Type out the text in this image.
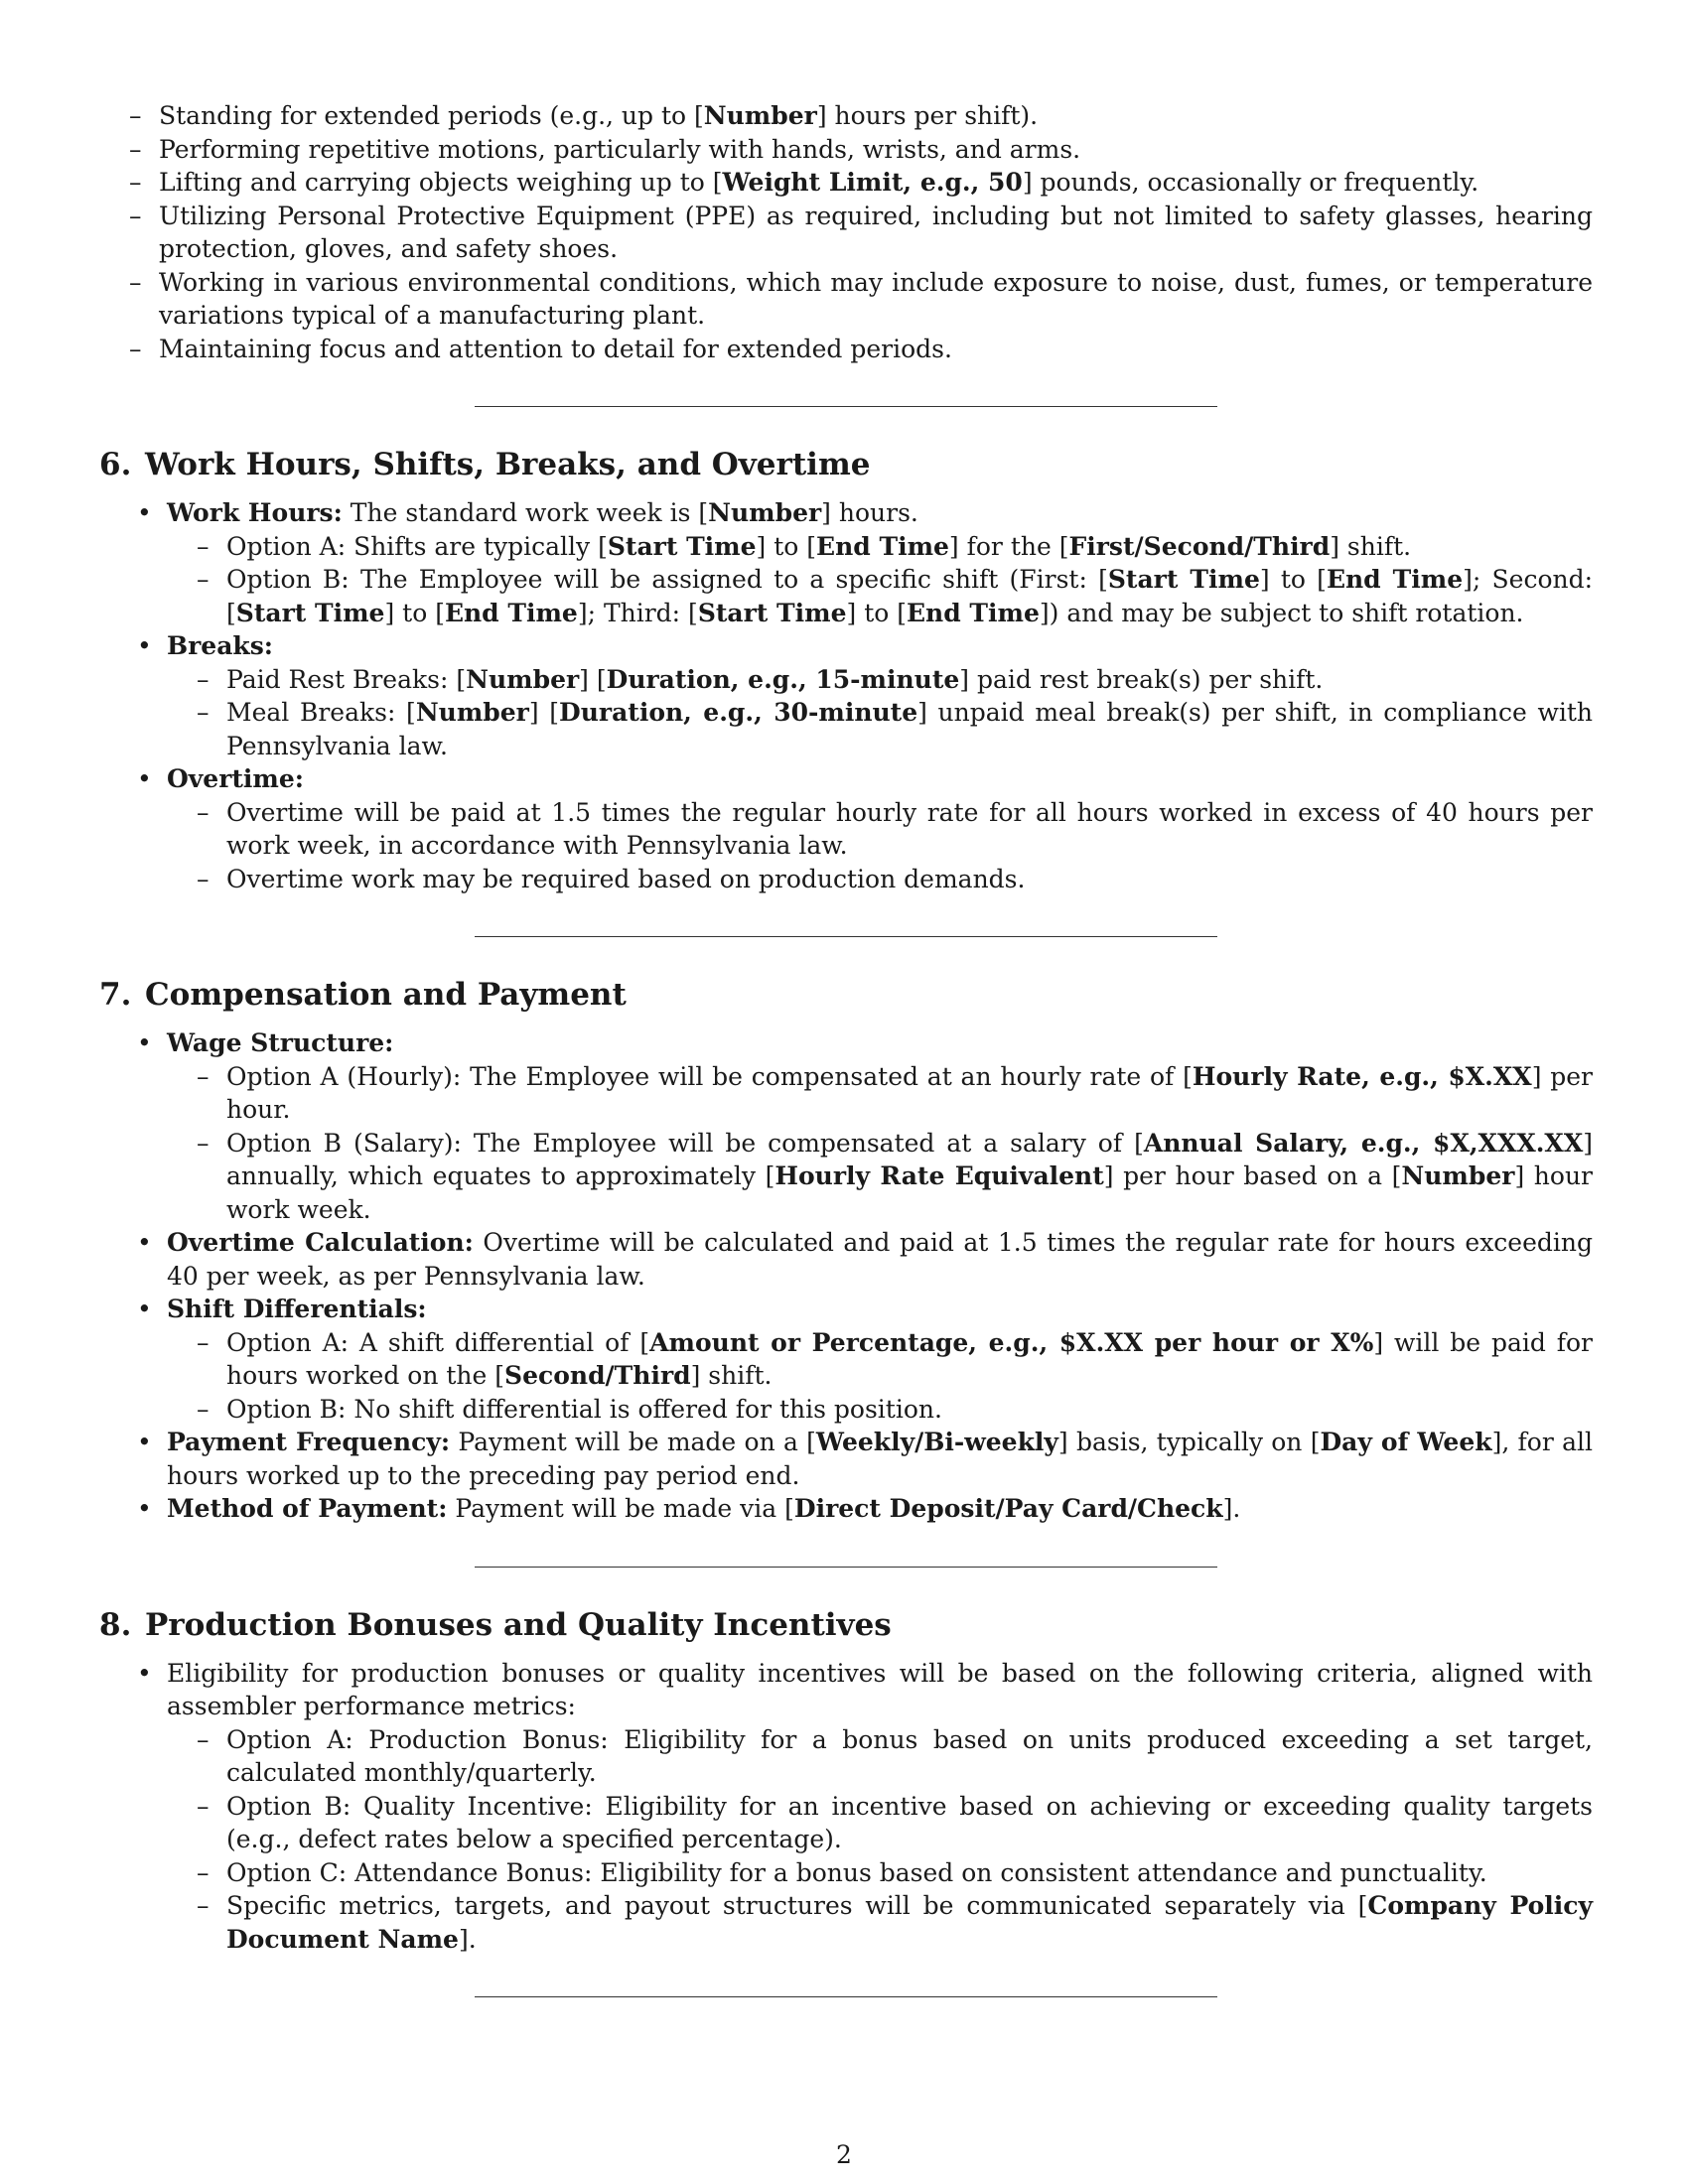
– Standing for extended periods (e.g., up to [Number] hours per shift).
– Performing repetitive motions, particularly with hands, wrists, and arms.
– Lifting and carrying objects weighing up to [Weight Limit, e.g., 50] pounds, occasionally or frequently.
– Utilizing Personal Protective Equipment (PPE) as required, including but not limited to safety glasses, hearing protection, gloves, and safety shoes.
– Working in various environmental conditions, which may include exposure to noise, dust, fumes, or temperature variations typical of a manufacturing plant.
– Maintaining focus and attention to detail for extended periods.
6. Work Hours, Shifts, Breaks, and Overtime
• Work Hours: The standard work week is [Number] hours.
– Option A: Shifts are typically [Start Time] to [End Time] for the [First/Second/Third] shift.
– Option B: The Employee will be assigned to a specific shift (First: [Start Time] to [End Time]; Second: [Start Time] to [End Time]; Third: [Start Time] to [End Time]) and may be subject to shift rotation.
• Breaks:
– Paid Rest Breaks: [Number] [Duration, e.g., 15-minute] paid rest break(s) per shift.
– Meal Breaks: [Number] [Duration, e.g., 30-minute] unpaid meal break(s) per shift, in compliance with Pennsylvania law.
• Overtime:
– Overtime will be paid at 1.5 times the regular hourly rate for all hours worked in excess of 40 hours per work week, in accordance with Pennsylvania law.
– Overtime work may be required based on production demands.
7. Compensation and Payment
• Wage Structure:
– Option A (Hourly): The Employee will be compensated at an hourly rate of [Hourly Rate, e.g., $X.XX] per hour.
– Option B (Salary): The Employee will be compensated at a salary of [Annual Salary, e.g., $X,XXX.XX] annually, which equates to approximately [Hourly Rate Equivalent] per hour based on a [Number] hour work week.
• Overtime Calculation: Overtime will be calculated and paid at 1.5 times the regular rate for hours exceeding 40 per week, as per Pennsylvania law.
• Shift Differentials:
– Option A: A shift differential of [Amount or Percentage, e.g., $X.XX per hour or X%] will be paid for hours worked on the [Second/Third] shift.
– Option B: No shift differential is offered for this position.
• Payment Frequency: Payment will be made on a [Weekly/Bi-weekly] basis, typically on [Day of Week], for all hours worked up to the preceding pay period end.
• Method of Payment: Payment will be made via [Direct Deposit/Pay Card/Check].
8. Production Bonuses and Quality Incentives
• Eligibility for production bonuses or quality incentives will be based on the following criteria, aligned with assembler performance metrics:
– Option A: Production Bonus: Eligibility for a bonus based on units produced exceeding a set target, calculated monthly/quarterly.
– Option B: Quality Incentive: Eligibility for an incentive based on achieving or exceeding quality targets (e.g., defect rates below a specified percentage).
– Option C: Attendance Bonus: Eligibility for a bonus based on consistent attendance and punctuality.
– Specific metrics, targets, and payout structures will be communicated separately via [Company Policy Document Name].
2
